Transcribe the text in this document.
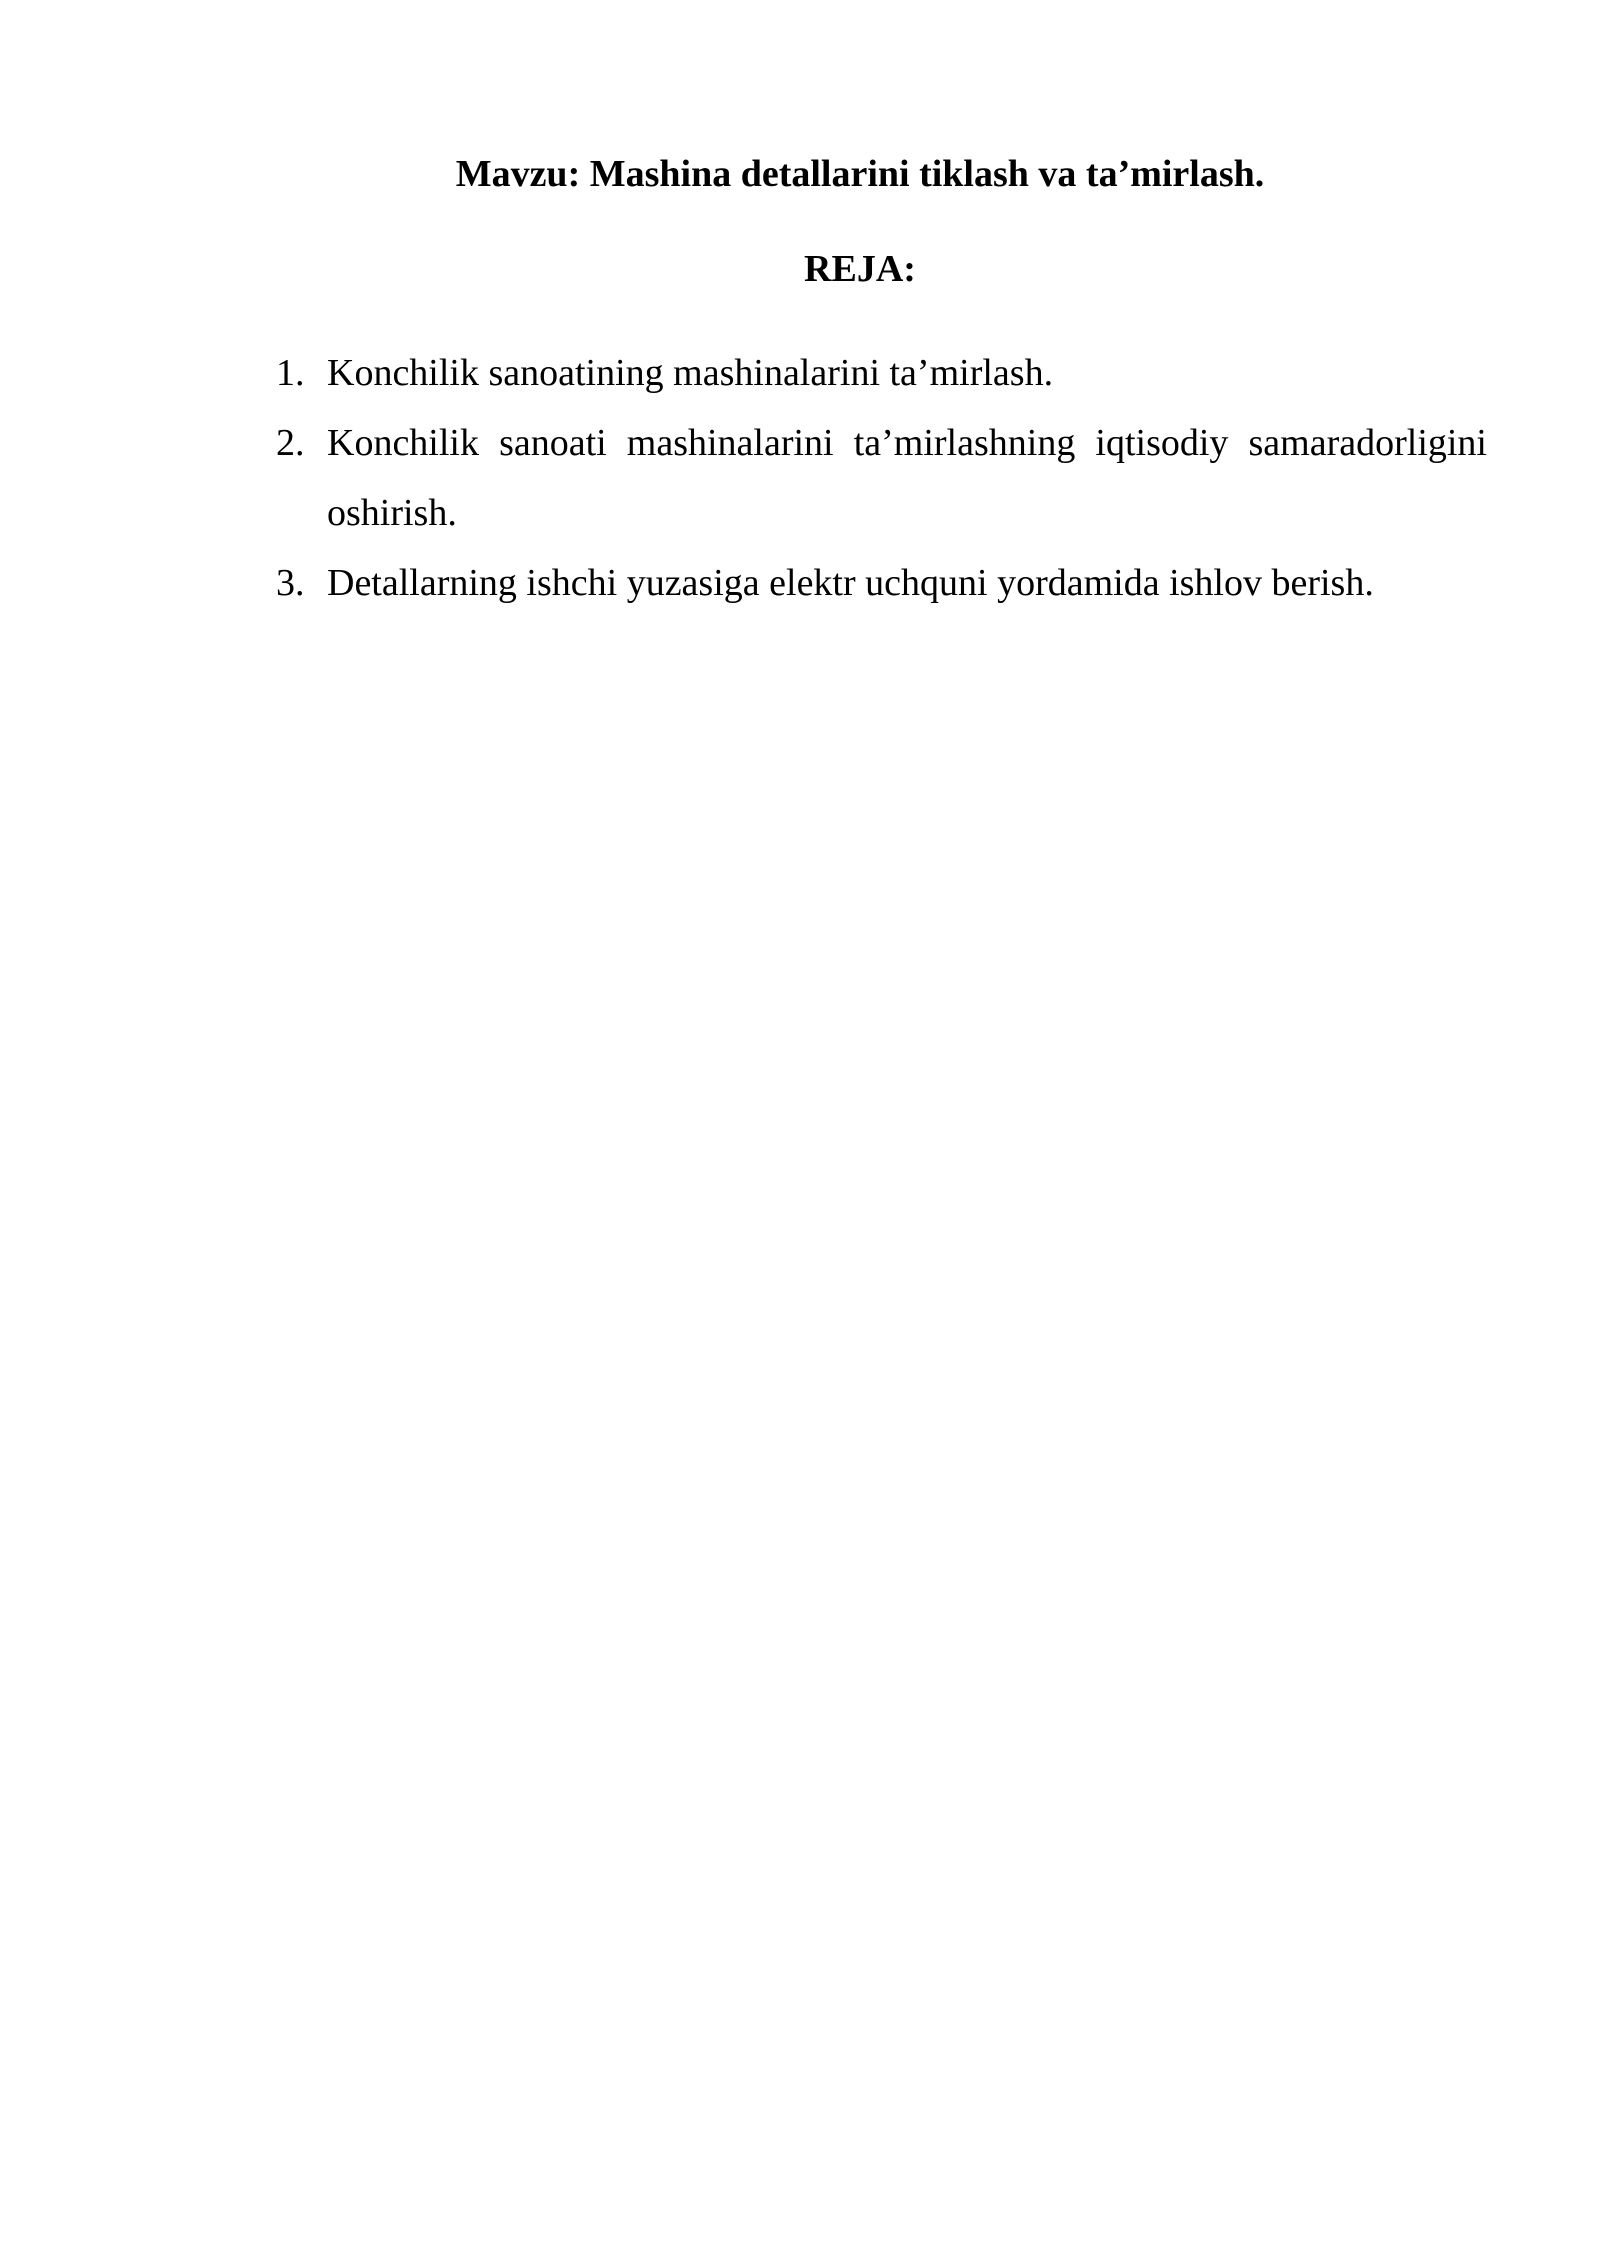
Mavzu: Mashina detallarini tiklash va ta’mirlash.
REJA:
1. Konchilik sanoatining mashinalarini ta’mirlash.
2. Konchilik sanoati mashinalarini ta’mirlashning iqtisodiy samaradorligini oshirish.
3. Detallarning ishchi yuzasiga elektr uchquni yordamida ishlov berish.
